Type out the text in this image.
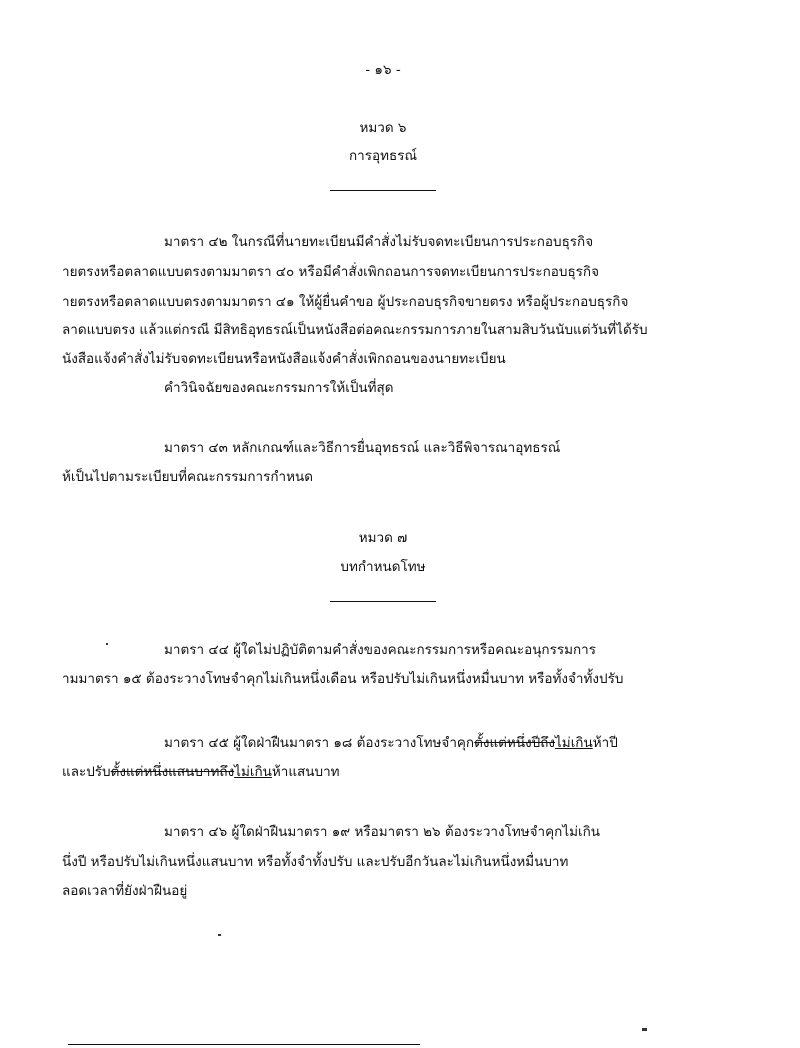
- ๑๖ -
หมวด ๖
การอุทธรณ์
มาตรา ๔๒ ในกรณีที่นายทะเบียนมีคำสั่งไม่รับจดทะเบียนการประกอบธุรกิจ
ายตรงหรือตลาดแบบตรงตามมาตรา ๔๐ หรือมีคำสั่งเพิกถอนการจดทะเบียนการประกอบธุรกิจ
ายตรงหรือตลาดแบบตรงตามมาตรา ๔๑ ให้ผู้ยื่นคำขอ ผู้ประกอบธุรกิจขายตรง หรือผู้ประกอบธุรกิจ
ลาดแบบตรง แล้วแต่กรณี มีสิทธิอุทธรณ์เป็นหนังสือต่อคณะกรรมการภายในสามสิบวันนับแต่วันที่ได้รับ
นังสือแจ้งคำสั่งไม่รับจดทะเบียนหรือหนังสือแจ้งคำสั่งเพิกถอนของนายทะเบียน
คำวินิจฉัยของคณะกรรมการให้เป็นที่สุด
มาตรา ๔๓ หลักเกณฑ์และวิธีการยื่นอุทธรณ์ และวิธีพิจารณาอุทธรณ์
ห้เป็นไปตามระเบียบที่คณะกรรมการกำหนด
หมวด ๗
บทกำหนดโทษ
มาตรา ๔๔ ผู้ใดไม่ปฏิบัติตามคำสั่งของคณะกรรมการหรือคณะอนุกรรมการ
ามมาตรา ๑๕ ต้องระวางโทษจำคุกไม่เกินหนึ่งเดือน หรือปรับไม่เกินหนึ่งหมื่นบาท หรือทั้งจำทั้งปรับ
มาตรา ๔๕ ผู้ใดฝ่าฝืนมาตรา ๑๘ ต้องระวางโทษจำคุกตั้งแต่หนึ่งปีถึงไม่เกินห้าปี
และปรับตั้งแต่หนึ่งแสนบาทถึงไม่เกินห้าแสนบาท
มาตรา ๔๖ ผู้ใดฝ่าฝืนมาตรา ๑๙ หรือมาตรา ๒๖ ต้องระวางโทษจำคุกไม่เกิน
นึ่งปี หรือปรับไม่เกินหนึ่งแสนบาท หรือทั้งจำทั้งปรับ และปรับอีกวันละไม่เกินหนึ่งหมื่นบาท
ลอดเวลาที่ยังฝ่าฝืนอยู่
